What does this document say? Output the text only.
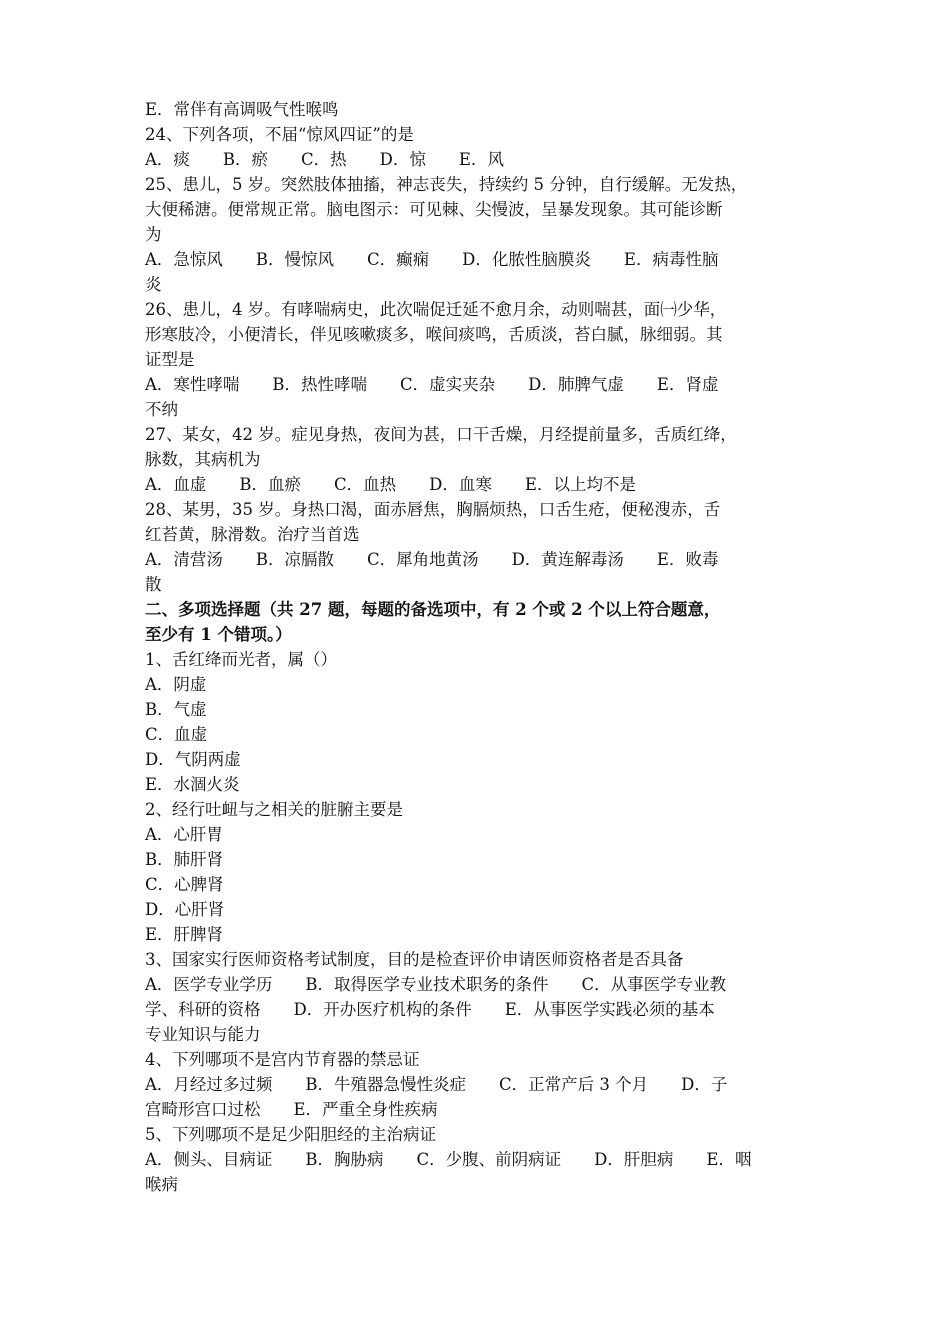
E．常伴有高调吸气性喉鸣
24、下列各项，不届“惊风四证”的是
A．痰　　B．瘀　　C．热　　D．惊　　E．风
25、患儿，5 岁。突然肢体抽搐，神志丧失，持续约 5 分钟，自行缓解。无发热，
大便稀溏。便常规正常。脑电图示：可见棘、尖慢波，呈暴发现象。其可能诊断
为
A．急惊风　　B．慢惊风　　C．癫痫　　D．化脓性脑膜炎　　E．病毒性脑
炎
26、患儿，4 岁。有哮喘病史，此次喘促迁延不愈月余，动则喘甚，面㈠少华，
形寒肢冷，小便清长，伴见咳嗽痰多，喉间痰鸣，舌质淡，苔白腻，脉细弱。其
证型是
A．寒性哮喘　　B．热性哮喘　　C．虚实夹杂　　D．肺脾气虚　　E．肾虚
不纳
27、某女，42 岁。症见身热，夜间为甚，口干舌燥，月经提前量多，舌质红绛，
脉数，其病机为
A．血虚　　B．血瘀　　C．血热　　D．血寒　　E．以上均不是
28、某男，35 岁。身热口渴，面赤唇焦，胸膈烦热，口舌生疮，便秘溲赤，舌
红苔黄，脉滑数。治疗当首选
A．清营汤　　B．凉膈散　　C．犀角地黄汤　　D．黄连解毒汤　　E．败毒
散
二、多项选择题（共 27 题，每题的备选项中，有 2 个或 2 个以上符合题意，
至少有 1 个错项。）
1、舌红绛而光者，属（）
A．阴虚
B．气虚
C．血虚
D．气阴两虚
E．水涸火炎
2、经行吐衄与之相关的脏腑主要是
A．心肝胃
B．肺肝肾
C．心脾肾
D．心肝肾
E．肝脾肾
3、国家实行医师资格考试制度，目的是检查评价申请医师资格者是否具备
A．医学专业学历　　B．取得医学专业技术职务的条件　　C．从事医学专业教
学、科研的资格　　D．开办医疗机构的条件　　E．从事医学实践必须的基本
专业知识与能力
4、下列哪项不是宫内节育器的禁忌证
A．月经过多过频　　B．牛殖器急慢性炎症　　C．正常产后 3 个月　　D．子
宫畸形宫口过松　　E．严重全身性疾病
5、下列哪项不是足少阳胆经的主治病证
A．侧头、目病证　　B．胸胁病　　C．少腹、前阴病证　　D．肝胆病　　E．咽
喉病
